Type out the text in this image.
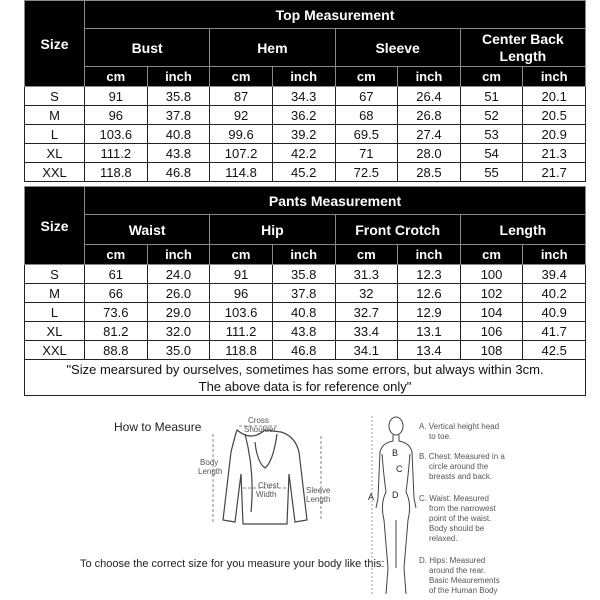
Size	Top Measurement							
	Bust		Hem		Sleeve		Center Back Length	
	cm	inch	cm	inch	cm	inch	cm	inch
S	91	35.8	87	34.3	67	26.4	51	20.1
M	96	37.8	92	36.2	68	26.8	52	20.5
L	103.6	40.8	99.6	39.2	69.5	27.4	53	20.9
XL	111.2	43.8	107.2	42.2	71	28.0	54	21.3
XXL	118.8	46.8	114.8	45.2	72.5	28.5	55	21.7
Size	Pants Measurement							
	Waist		Hip		Front Crotch		Length	
	cm	inch	cm	inch	cm	inch	cm	inch
S	61	24.0	91	35.8	31.3	12.3	100	39.4
M	66	26.0	96	37.8	32	12.6	102	40.2
L	73.6	29.0	103.6	40.8	32.7	12.9	104	40.9
XL	81.2	32.0	111.2	43.8	33.4	13.1	106	41.7
XXL	88.8	35.0	118.8	46.8	34.1	13.4	108	42.5

"Size mearsured by ourselves, sometimes has some errors, but always within 3cm.
The above data is for reference only"								
How to Measure	Cross
Shoulder
Body
Length
Chest
Width	Sleeve
Length
To choose the correct size for you measure your body like this:
B
C
A D
A. Vertical height head
to toe.
B. Chest: Measured in a
circle around the
breasts and back.
C. Waist: Measured
from the narrowest
point of the waist.
Body should be
relaxed.
D. Hips: Measured
around the rear.
Basic Meaurements
of the Human Body
